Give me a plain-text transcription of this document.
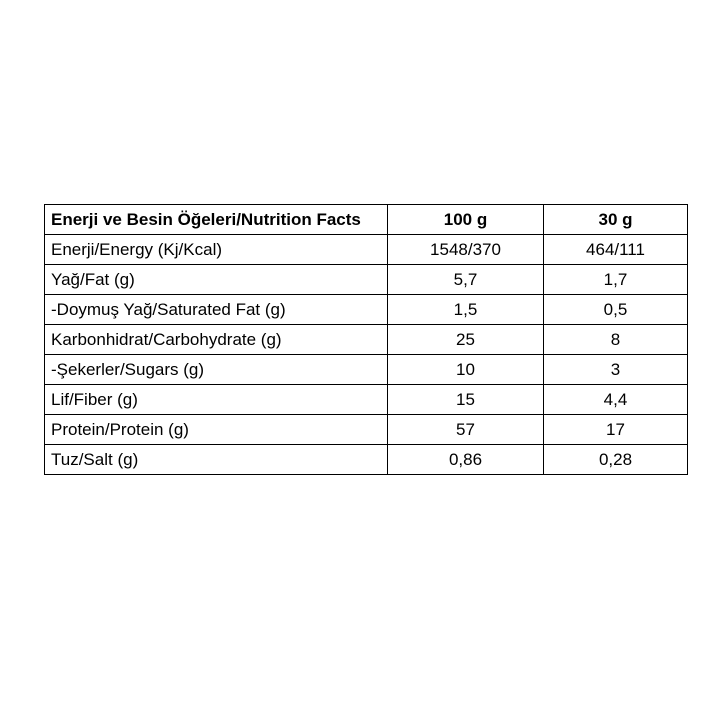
Enerji ve Besin Öğeleri/Nutrition Facts	100 g	30 g
Enerji/Energy (Kj/Kcal)	1548/370	464/111
Yağ/Fat (g)	5,7	1,7
-Doymuş Yağ/Saturated Fat (g)	1,5	0,5
Karbonhidrat/Carbohydrate (g)	25	8
-Şekerler/Sugars (g)	10	3
Lif/Fiber (g)	15	4,4
Protein/Protein (g)	57	17
Tuz/Salt (g)	0,86	0,28
